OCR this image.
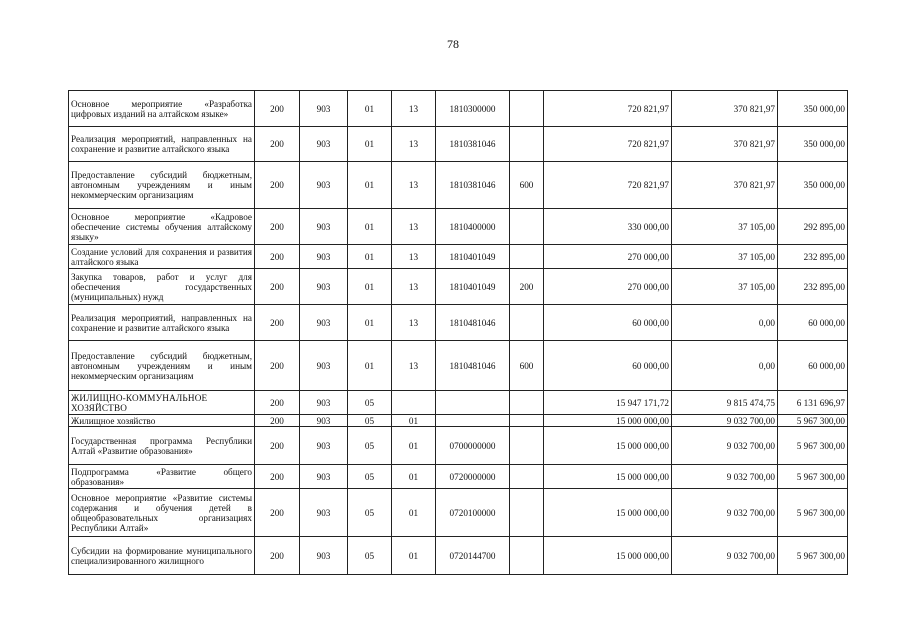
78
Основное мероприятие «Разработка цифровых изданий на алтайском языке»	200	903	01	13	1810300000		720 821,97	370 821,97	350 000,00
Реализация мероприятий, направленных на сохранение и развитие алтайского языка	200	903	01	13	1810381046		720 821,97	370 821,97	350 000,00
Предоставление субсидий бюджетным, автономным учреждениям и иным некоммерческим организациям	200	903	01	13	1810381046	600	720 821,97	370 821,97	350 000,00
Основное мероприятие «Кадровое обеспечение системы обучения алтайскому языку»	200	903	01	13	1810400000		330 000,00	37 105,00	292 895,00
Создание условий для сохранения и развития алтайского языка	200	903	01	13	1810401049		270 000,00	37 105,00	232 895,00
Закупка товаров, работ и услуг для обеспечения государственных (муниципальных) нужд	200	903	01	13	1810401049	200	270 000,00	37 105,00	232 895,00
Реализация мероприятий, направленных на сохранение и развитие алтайского языка	200	903	01	13	1810481046		60 000,00	0,00	60 000,00
Предоставление субсидий бюджетным, автономным учреждениям и иным некоммерческим организациям	200	903	01	13	1810481046	600	60 000,00	0,00	60 000,00
ЖИЛИЩНО-КОММУНАЛЬНОЕ ХОЗЯЙСТВО	200	903	05				15 947 171,72	9 815 474,75	6 131 696,97
Жилищное хозяйство	200	903	05	01			15 000 000,00	9 032 700,00	5 967 300,00
Государственная программа Республики Алтай «Развитие образования»	200	903	05	01	0700000000		15 000 000,00	9 032 700,00	5 967 300,00
Подпрограмма «Развитие общего образования»	200	903	05	01	0720000000		15 000 000,00	9 032 700,00	5 967 300,00
Основное мероприятие «Развитие системы содержания и обучения детей в общеобразовательных организациях Республики Алтай»	200	903	05	01	0720100000		15 000 000,00	9 032 700,00	5 967 300,00
Субсидии на формирование муниципального специализированного жилищного	200	903	05	01	0720144700		15 000 000,00	9 032 700,00	5 967 300,00
